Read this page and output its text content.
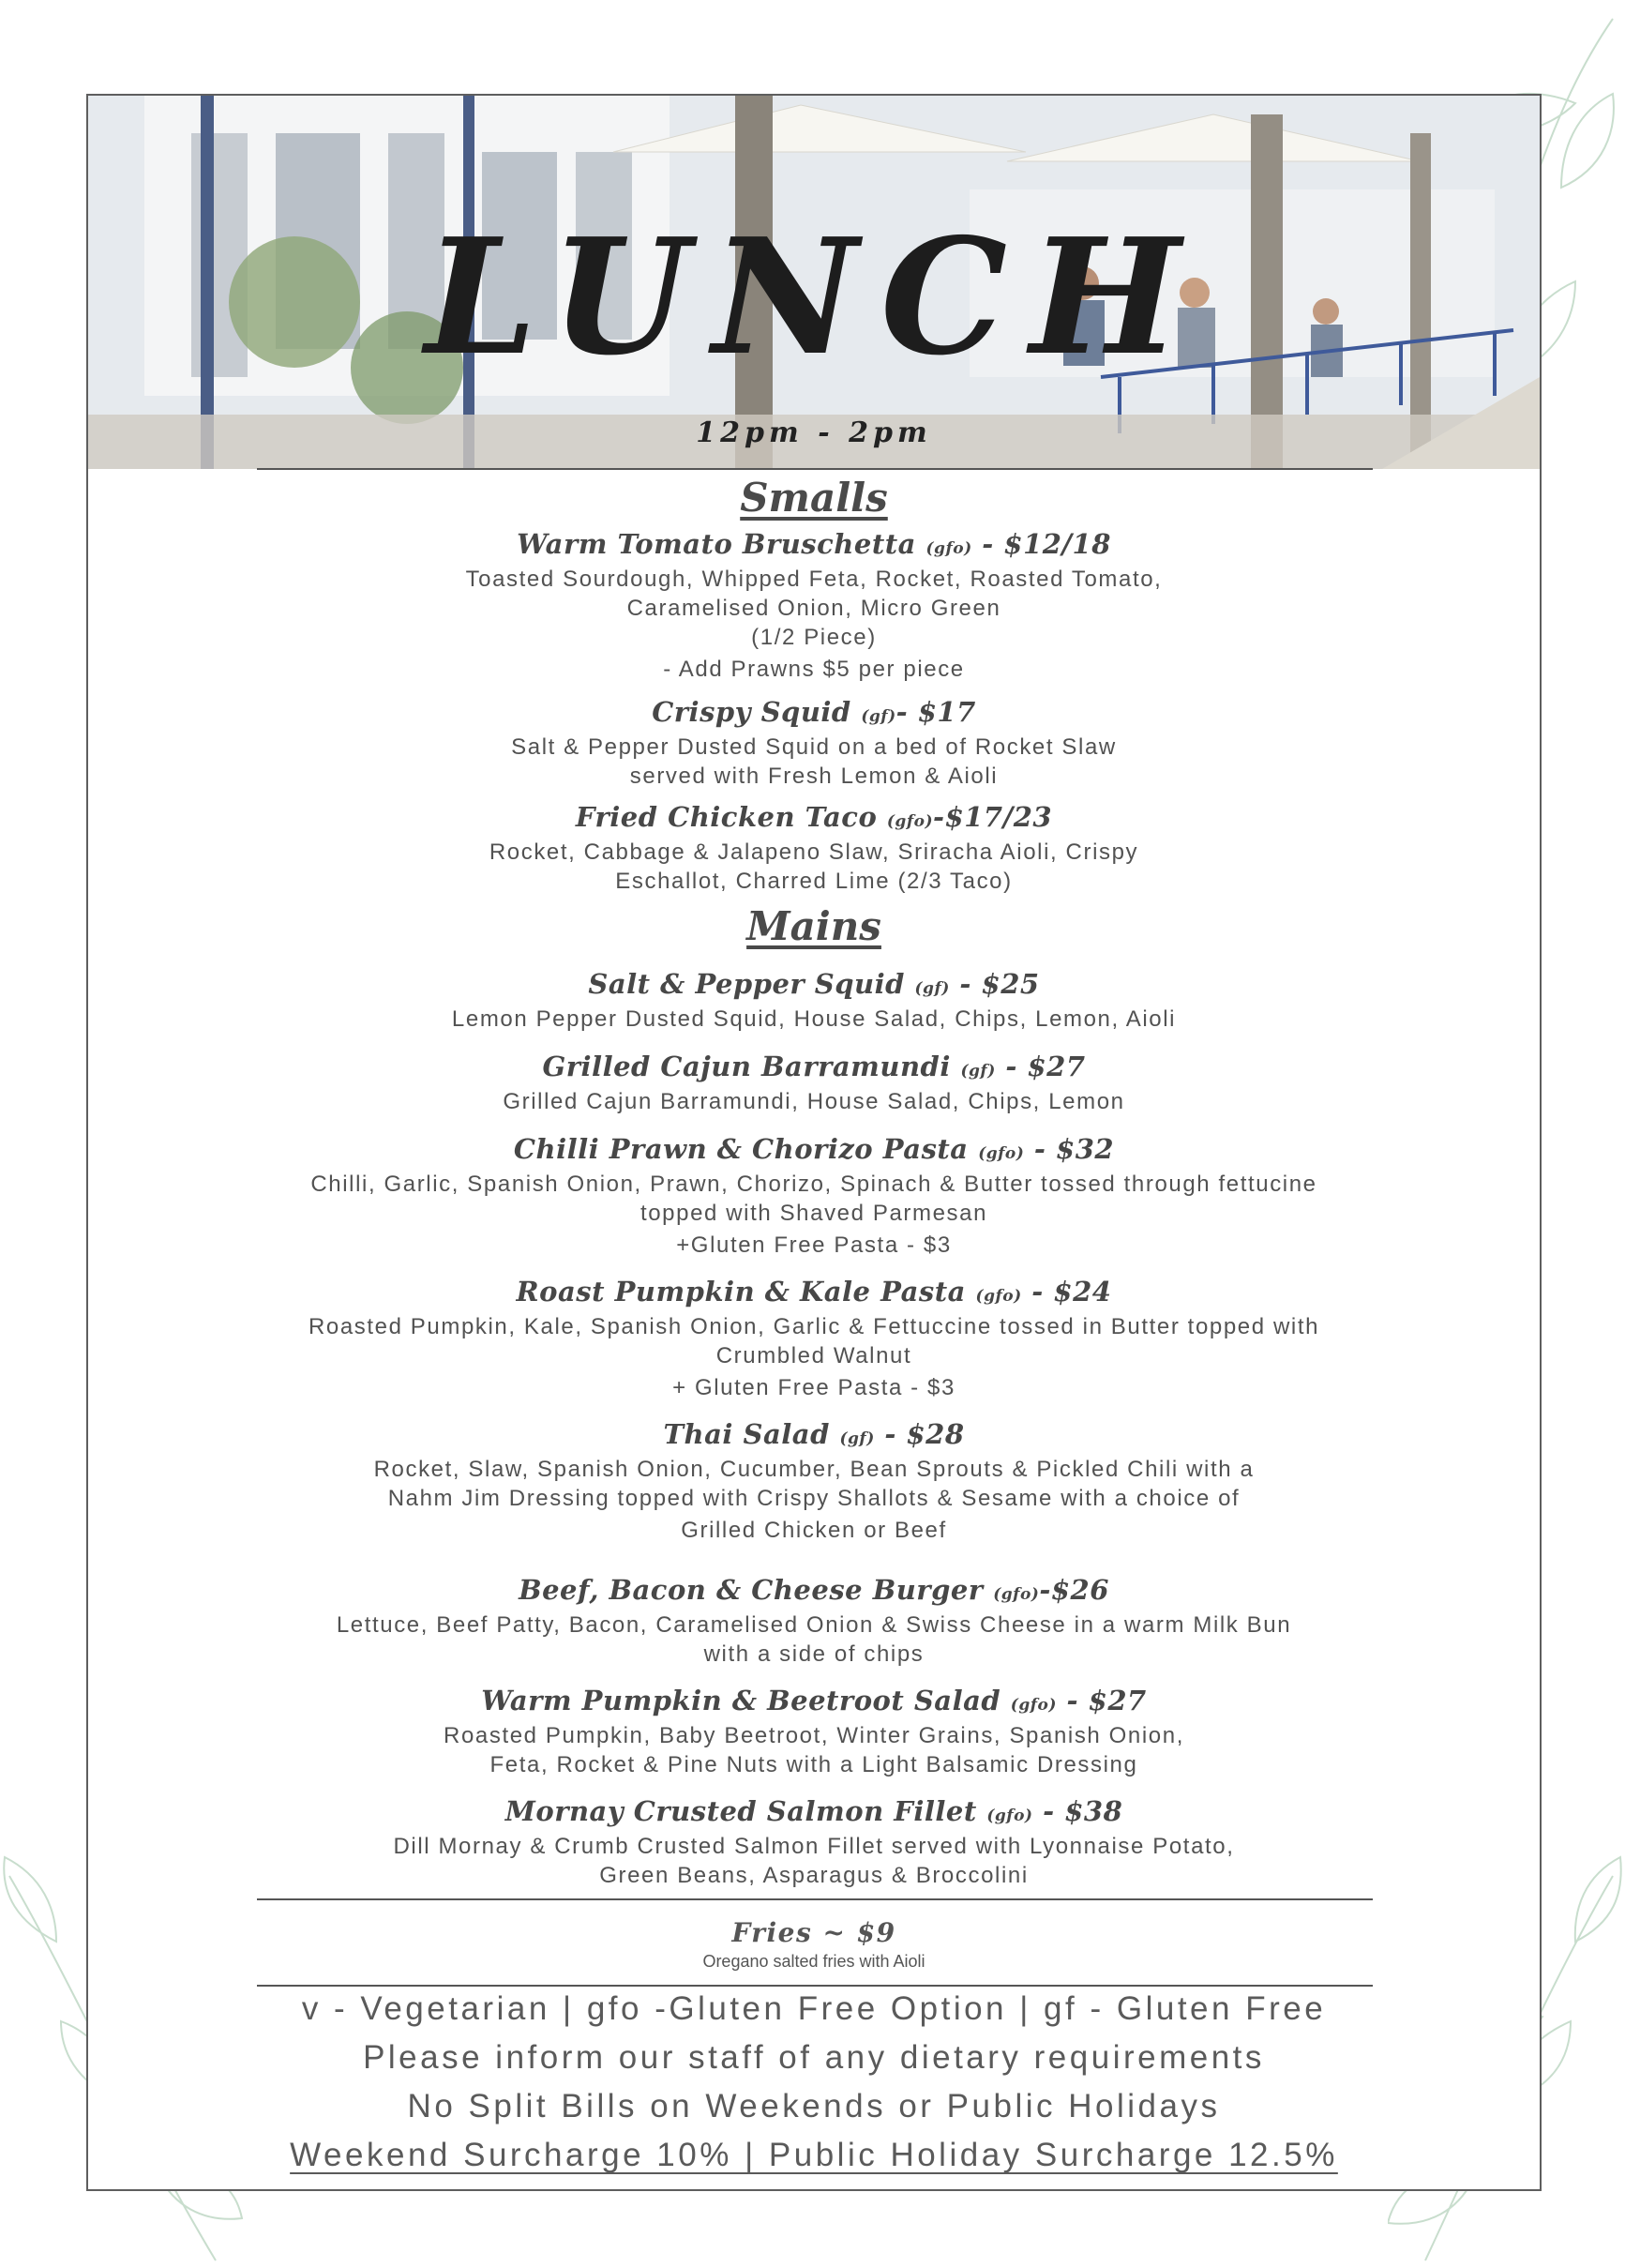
LUNCH
12pm - 2pm
Smalls
Warm Tomato Bruschetta (gfo) - $12/18
Toasted Sourdough, Whipped Feta, Rocket, Roasted Tomato,
Caramelised Onion, Micro Green
(1/2 Piece)
- Add Prawns $5 per piece
Crispy Squid (gf)- $17
Salt & Pepper Dusted Squid on a bed of Rocket Slaw
served with Fresh Lemon & Aioli
Fried Chicken Taco (gfo)-$17/23
Rocket, Cabbage & Jalapeno Slaw, Sriracha Aioli, Crispy
Eschallot, Charred Lime (2/3 Taco)
Mains
Salt & Pepper Squid (gf) - $25
Lemon Pepper Dusted Squid, House Salad, Chips, Lemon, Aioli
Grilled Cajun Barramundi (gf) - $27
Grilled Cajun Barramundi, House Salad, Chips, Lemon
Chilli Prawn & Chorizo Pasta (gfo) - $32
Chilli, Garlic, Spanish Onion, Prawn, Chorizo, Spinach & Butter tossed through fettucine
topped with Shaved Parmesan
+Gluten Free Pasta - $3
Roast Pumpkin & Kale Pasta (gfo) - $24
Roasted Pumpkin, Kale, Spanish Onion, Garlic & Fettuccine tossed in Butter topped with
Crumbled Walnut
+ Gluten Free Pasta - $3
Thai Salad (gf) - $28
Rocket, Slaw, Spanish Onion, Cucumber, Bean Sprouts & Pickled Chili with a
Nahm Jim Dressing topped with Crispy Shallots & Sesame with a choice of
Grilled Chicken or Beef
Beef, Bacon & Cheese Burger (gfo)-$26
Lettuce, Beef Patty, Bacon, Caramelised Onion & Swiss Cheese in a warm Milk Bun
with a side of chips
Warm Pumpkin & Beetroot Salad (gfo) - $27
Roasted Pumpkin, Baby Beetroot, Winter Grains, Spanish Onion,
Feta, Rocket & Pine Nuts with a Light Balsamic Dressing
Mornay Crusted Salmon Fillet (gfo) - $38
Dill Mornay & Crumb Crusted Salmon Fillet served with Lyonnaise Potato,
Green Beans, Asparagus & Broccolini
Fries ~ $9
Oregano salted fries with Aioli
v - Vegetarian | gfo -Gluten Free Option | gf - Gluten Free
Please inform our staff of any dietary requirements
No Split Bills on Weekends or Public Holidays
Weekend Surcharge 10% | Public Holiday Surcharge 12.5%
